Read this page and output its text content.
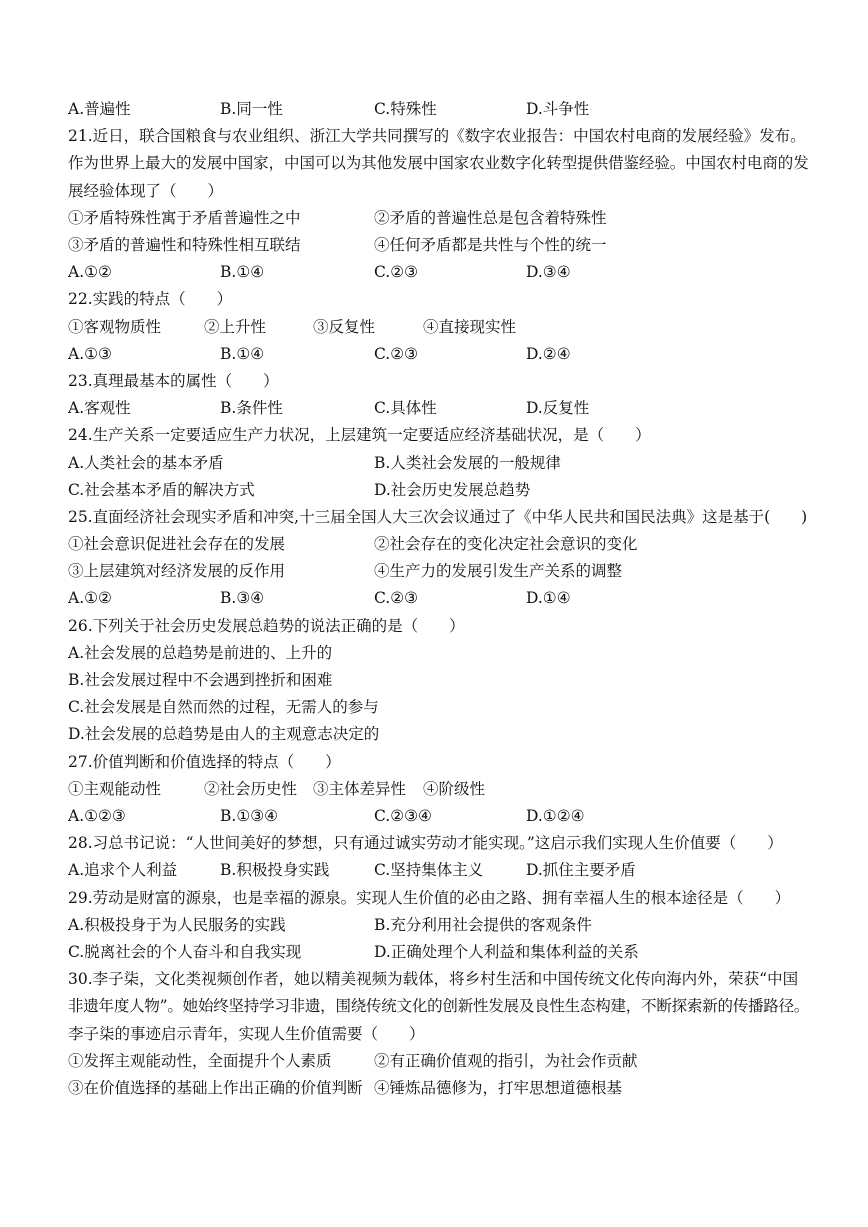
A.普遍性	B.同一性	C.特殊性	D.斗争性
21.近日，联合国粮食与农业组织、浙江大学共同撰写的《数字农业报告：中国农村电商的发展经验》发布。
作为世界上最大的发展中国家，中国可以为其他发展中国家农业数字化转型提供借鉴经验。中国农村电商的发
展经验体现了（　　）
①矛盾特殊性寓于矛盾普遍性之中	②矛盾的普遍性总是包含着特殊性
③矛盾的普遍性和特殊性相互联结	④任何矛盾都是共性与个性的统一
A.①②	B.①④	C.②③	D.③④
22.实践的特点（　　）
①客观物质性	②上升性	③反复性	④直接现实性
A.①③	B.①④	C.②③	D.②④
23.真理最基本的属性（　　）
A.客观性	B.条件性	C.具体性	D.反复性
24.生产关系一定要适应生产力状况，上层建筑一定要适应经济基础状况，是（　　）
A.人类社会的基本矛盾	B.人类社会发展的一般规律
C.社会基本矛盾的解决方式	D.社会历史发展总趋势
25.直面经济社会现实矛盾和冲突,十三届全国人大三次会议通过了《中华人民共和国民法典》这是基于(　　)
①社会意识促进社会存在的发展	②社会存在的变化决定社会意识的变化
③上层建筑对经济发展的反作用	④生产力的发展引发生产关系的调整
A.①②	B.③④	C.②③	D.①④
26.下列关于社会历史发展总趋势的说法正确的是（　　）
A.社会发展的总趋势是前进的、上升的
B.社会发展过程中不会遇到挫折和困难
C.社会发展是自然而然的过程，无需人的参与
D.社会发展的总趋势是由人的主观意志决定的
27.价值判断和价值选择的特点（　　）
①主观能动性	②社会历史性 ③主体差异性 ④阶级性
A.①②③	B.①③④	C.②③④	D.①②④
28.习总书记说：“人世间美好的梦想，只有通过诚实劳动才能实现。”这启示我们实现人生价值要（　　）
A.追求个人利益	B.积极投身实践	C.坚持集体主义	D.抓住主要矛盾
29.劳动是财富的源泉，也是幸福的源泉。实现人生价值的必由之路、拥有幸福人生的根本途径是（　　）
A.积极投身于为人民服务的实践	B.充分利用社会提供的客观条件
C.脱离社会的个人奋斗和自我实现	D.正确处理个人利益和集体利益的关系
30.李子柒，文化类视频创作者，她以精美视频为载体，将乡村生活和中国传统文化传向海内外，荣获“中国
非遗年度人物”。她始终坚持学习非遗，围绕传统文化的创新性发展及良性生态构建，不断探索新的传播路径。
李子柒的事迹启示青年，实现人生价值需要（　　）
①发挥主观能动性，全面提升个人素质	②有正确价值观的指引，为社会作贡献
③在价值选择的基础上作出正确的价值判断 ④锤炼品德修为，打牢思想道德根基
